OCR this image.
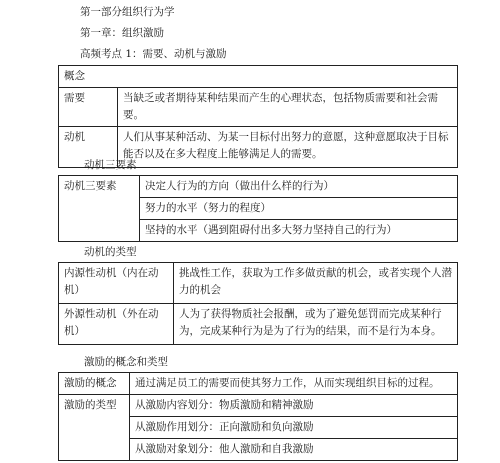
第一部分组织行为学
第一章：组织激励
高频考点 1：需要、动机与激励
概念	
需要	当缺乏或者期待某种结果而产生的心理状态，包括物质需要和社会需要。
动机	人们从事某种活动、为某一目标付出努力的意愿，这种意愿取决于目标能否以及在多大程度上能够满足人的需要。
动机三要素
动机三要素	决定人行为的方向（做出什么样的行为）
努力的水平（努力的程度）
坚持的水平（遇到阻碍付出多大努力坚持自己的行为）
动机的类型
内源性动机（内在动机）	挑战性工作，获取为工作多做贡献的机会，或者实现个人潜力的机会
外源性动机（外在动机）	人为了获得物质社会报酬，或为了避免惩罚而完成某种行为，完成某种行为是为了行为的结果，而不是行为本身。
激励的概念和类型
激励的概念	通过满足员工的需要而使其努力工作，从而实现组织目标的过程。
激励的类型	从激励内容划分：物质激励和精神激励
	从激励作用划分：正向激励和负向激励
	从激励对象划分：他人激励和自我激励
